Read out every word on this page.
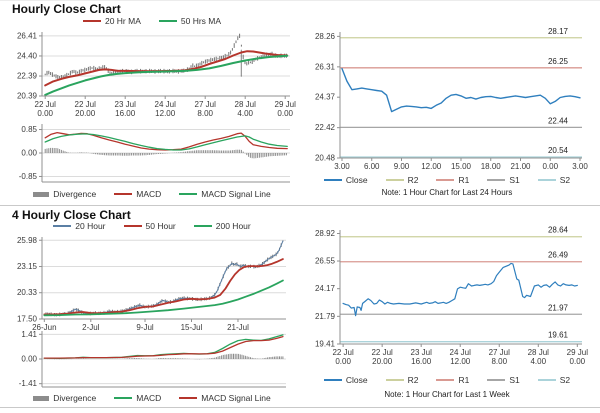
Hourly Close Chart
20 Hr MA	50 Hrs MA
20.39
22.39
24.40
26.41
22 Jul
0.00
22 Jul
20.00
23 Jul
16.00
24 Jul
12.00
27 Jul
8.00
28 Jul
4.00
29 Jul
0.00
-0.85
0.00
0.85
Divergence	MACD	MACD Signal Line
28.17
26.25
22.44
20.54
20.48
22.42
24.37
26.31
28.26
3.00 6.00 9.00 12.00 15.00 18.00 21.00 0.00 3.00
Close	R2	R1	S1	S2
Note: 1 Hour Chart for Last 24 Hours
4 Hourly Close Chart
20 Hour	50 Hour	200 Hour
17.50
20.33
23.15
25.98
26-Jun	2-Jul	9-Jul	15-Jul	21-Jul
-1.41
0.00
1.41
Divergence	MACD	MACD Signal Line
28.64
26.49
21.97
19.61
19.41
21.79
24.17
26.55
28.92
22 Jul
0.00
22 Jul
20.00
23 Jul
16.00
24 Jul
12.00
27 Jul
8.00
28 Jul
4.00
29 Jul
0.00
Close	R2	R1	S1	S2
Note: 1 Hour Chart for Last 1 Week
